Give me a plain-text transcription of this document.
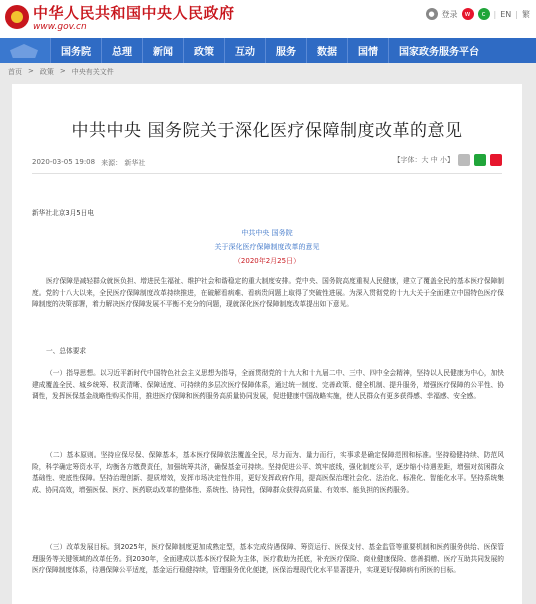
中华人民共和国中央人民政府
www.gov.cn
● 登录	w	c	| EN | 繁
国务院	总理	新闻	政策	互动	服务	数据	国情	国家政务服务平台
首页 > 政策 > 中央有关文件
中共中央 国务院关于深化医疗保障制度改革的意见
2020-03-05 19:08 来源： 新华社	【字体：大 中 小】
新华社北京3月5日电
中共中央 国务院
关于深化医疗保障制度改革的意见
（2020年2月25日）
医疗保障是减轻群众就医负担、增进民生福祉、维护社会和谐稳定的重大制度安排。党中央、国务院高度重视人民健康，建立了覆盖全民的基本医疗保障制度。党的十八大以来，全民医疗保障制度改革持续推进，在破解看病难、看病贵问题上取得了突破性进展。为深入贯彻党的十九大关于全面建立中国特色医疗保障制度的决策部署，着力解决医疗保障发展不平衡不充分的问题，现就深化医疗保障制度改革提出如下意见。
一、总体要求
（一）指导思想。以习近平新时代中国特色社会主义思想为指导，全面贯彻党的十九大和十九届二中、三中、四中全会精神，坚持以人民健康为中心，加快建成覆盖全民、城乡统筹、权责清晰、保障适度、可持续的多层次医疗保障体系，通过统一制度、完善政策、健全机制、提升服务，增强医疗保障的公平性、协调性，发挥医保基金战略性购买作用，推进医疗保障和医药服务高质量协同发展，促进健康中国战略实施，使人民群众有更多获得感、幸福感、安全感。
（二）基本原则。坚持应保尽保、保障基本，基本医疗保障依法覆盖全民，尽力而为、量力而行，实事求是确定保障范围和标准。坚持稳健持续、防范风险，科学确定筹资水平，均衡各方缴费责任，加强统筹共济，确保基金可持续。坚持促进公平、筑牢底线，强化制度公平，逐步缩小待遇差距，增强对贫困群众基础性、兜底性保障。坚持治理创新、提质增效，发挥市场决定性作用，更好发挥政府作用，提高医保治理社会化、法治化、标准化、智能化水平。坚持系统集成、协同高效，增强医保、医疗、医药联动改革的整体性、系统性、协同性，保障群众获得高质量、有效率、能负担的医药服务。
（三）改革发展目标。到2025年，医疗保障制度更加成熟定型，基本完成待遇保障、筹资运行、医保支付、基金监管等重要机制和医药服务供给、医保管理服务等关键领域的改革任务。到2030年，全面建成以基本医疗保险为主体，医疗救助为托底，补充医疗保险、商业健康保险、慈善捐赠、医疗互助共同发展的医疗保障制度体系，待遇保障公平适度，基金运行稳健持续，管理服务优化便捷，医保治理现代化水平显著提升，实现更好保障病有所医的目标。
